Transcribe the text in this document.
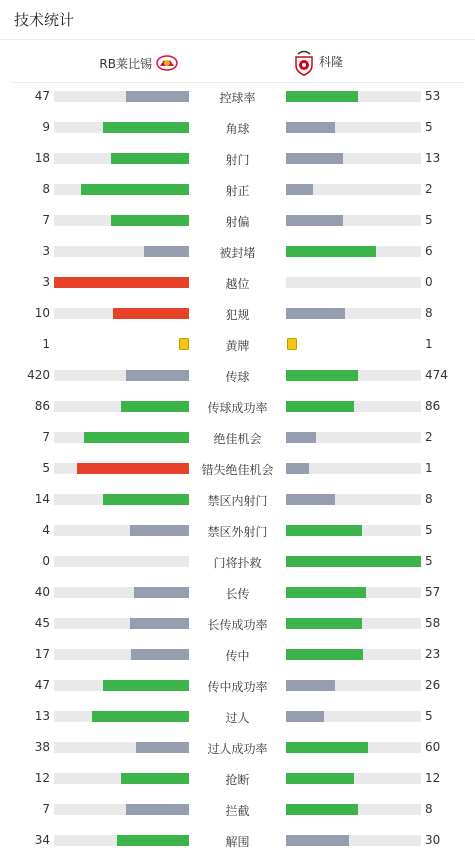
技术统计
RB莱比锡	科隆
47	控球率	53
9	角球	5
18	射门	13
8	射正	2
7	射偏	5
3	被封堵	6
3	越位	0
10	犯规	8
1	黄牌	1
420	传球	474
86	传球成功率	86
7	绝佳机会	2
5	错失绝佳机会	1
14	禁区内射门	8
4	禁区外射门	5
0	门将扑救	5
40	长传	57
45	长传成功率	58
17	传中	23
47	传中成功率	26
13	过人	5
38	过人成功率	60
12	抢断	12
7	拦截	8
34	解围	30
